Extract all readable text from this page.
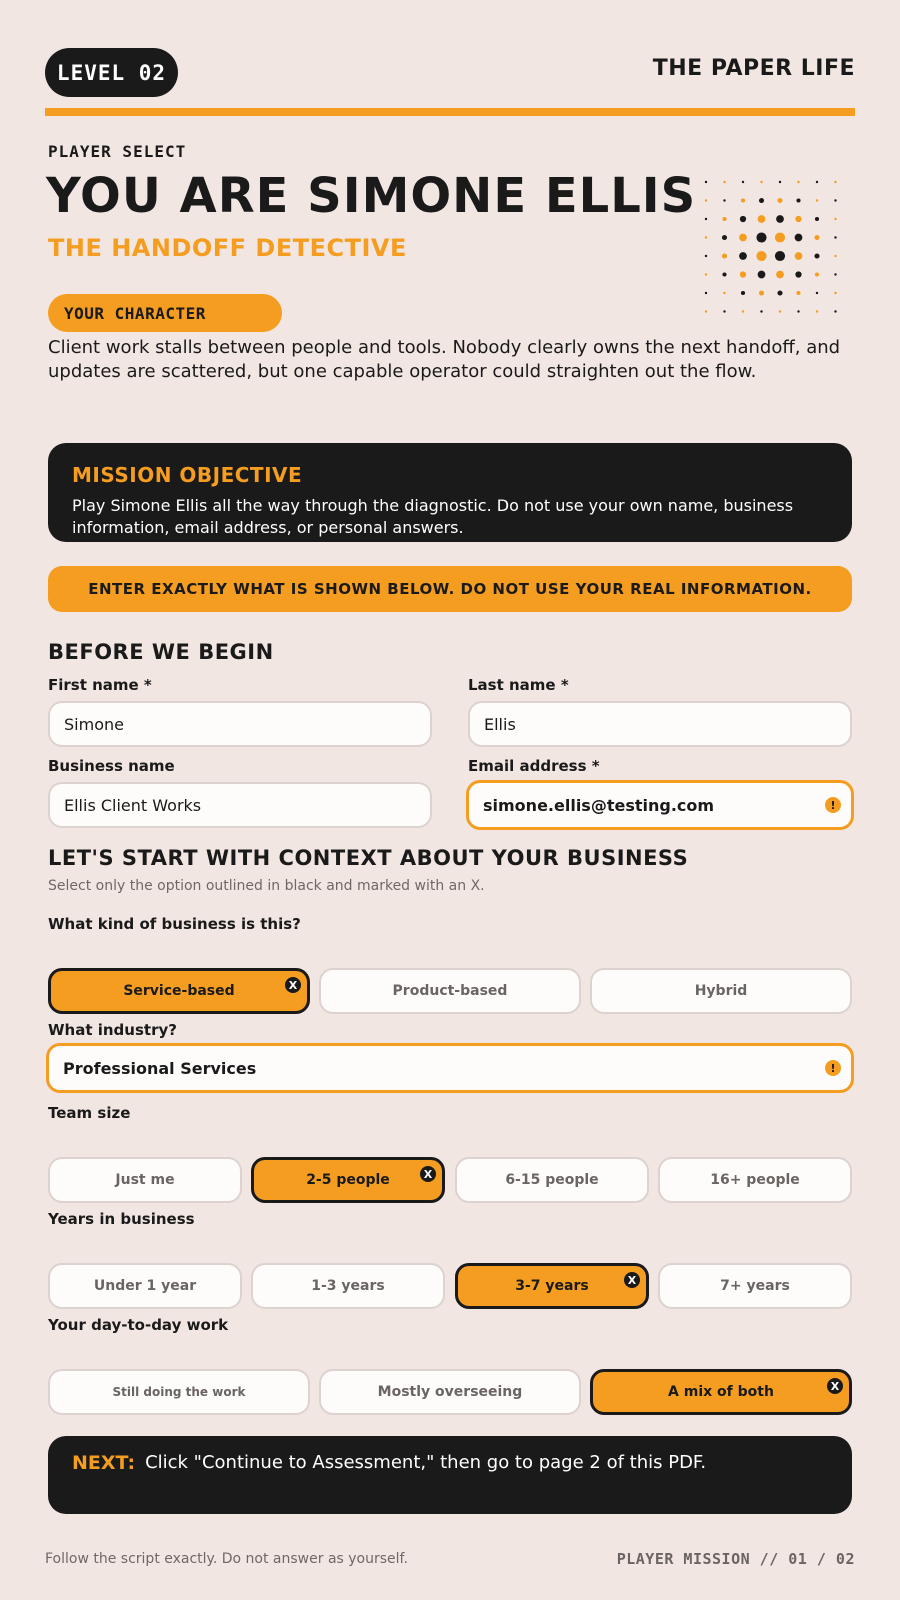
LEVEL 02	THE PAPER LIFE
PLAYER SELECT
YOU ARE SIMONE ELLIS
THE HANDOFF DETECTIVE
YOUR CHARACTER
Client work stalls between people and tools. Nobody clearly owns the next handoff, and updates are scattered, but one capable operator could straighten out the flow.
MISSION OBJECTIVE

Play Simone Ellis all the way through the diagnostic. Do not use your own name, business information, email address, or personal answers.

ENTER EXACTLY WHAT IS SHOWN BELOW. DO NOT USE YOUR REAL INFORMATION.
BEFORE WE BEGIN
First name *
Simone
Last name *
Ellis
Business name
Ellis Client Works
Email address *
simone.ellis@testing.com	!
LET'S START WITH CONTEXT ABOUT YOUR BUSINESS
Select only the option outlined in black and marked with an X.
What kind of business is this?
Service-based	X	Product-based	Hybrid
What industry?
Professional Services	!
Team size
Just me	2-5 people	X	6-15 people	16+ people
Years in business
Under 1 year	1-3 years	3-7 years	X	7+ years
Your day-to-day work
Still doing the work	Mostly overseeing	A mix of both	X
NEXT: Click "Continue to Assessment," then go to page 2 of this PDF.
Follow the script exactly. Do not answer as yourself.	PLAYER MISSION // 01 / 02
